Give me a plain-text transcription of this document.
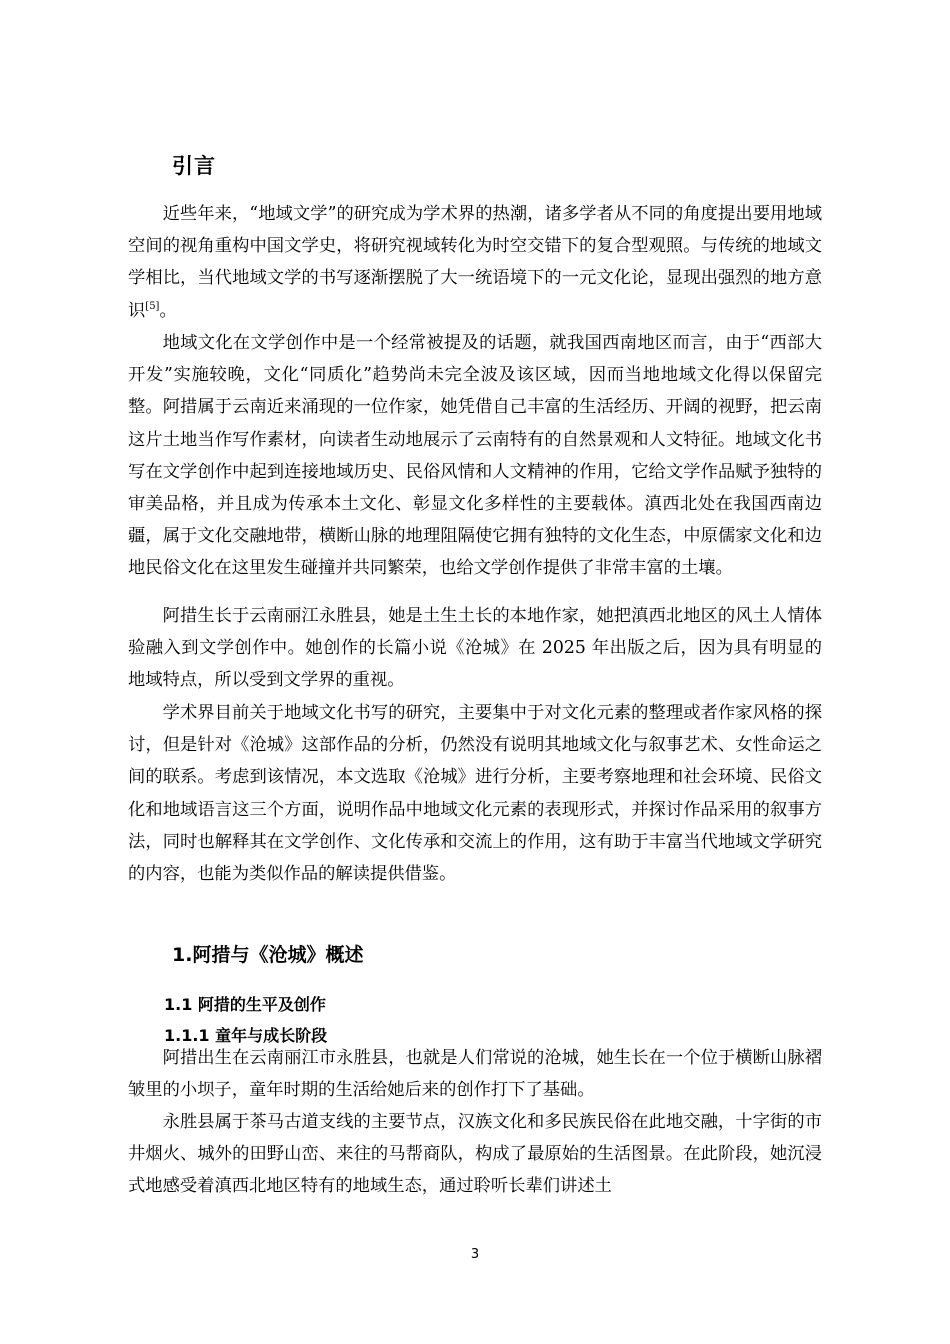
引言

近些年来，“地域文学”的研究成为学术界的热潮，诸多学者从不同的角度提出要用地域空间的视角重构中国文学史，将研究视域转化为时空交错下的复合型观照。与传统的地域文学相比，当代地域文学的书写逐渐摆脱了大一统语境下的一元文化论，显现出强烈的地方意识[5]。

地域文化在文学创作中是一个经常被提及的话题，就我国西南地区而言，由于“西部大开发”实施较晚，文化“同质化”趋势尚未完全波及该区域，因而当地地域文化得以保留完整。阿措属于云南近来涌现的一位作家，她凭借自己丰富的生活经历、开阔的视野，把云南这片土地当作写作素材，向读者生动地展示了云南特有的自然景观和人文特征。地域文化书写在文学创作中起到连接地域历史、民俗风情和人文精神的作用，它给文学作品赋予独特的审美品格，并且成为传承本土文化、彰显文化多样性的主要载体。滇西北处在我国西南边疆，属于文化交融地带，横断山脉的地理阻隔使它拥有独特的文化生态，中原儒家文化和边地民俗文化在这里发生碰撞并共同繁荣，也给文学创作提供了非常丰富的土壤。

阿措生长于云南丽江永胜县，她是土生土长的本地作家，她把滇西北地区的风土人情体验融入到文学创作中。她创作的长篇小说《沧城》在 2025 年出版之后，因为具有明显的地域特点，所以受到文学界的重视。

学术界目前关于地域文化书写的研究，主要集中于对文化元素的整理或者作家风格的探讨，但是针对《沧城》这部作品的分析，仍然没有说明其地域文化与叙事艺术、女性命运之间的联系。考虑到该情况，本文选取《沧城》进行分析，主要考察地理和社会环境、民俗文化和地域语言这三个方面，说明作品中地域文化元素的表现形式，并探讨作品采用的叙事方法，同时也解释其在文学创作、文化传承和交流上的作用，这有助于丰富当代地域文学研究的内容，也能为类似作品的解读提供借鉴。

1.阿措与《沧城》概述
1.1 阿措的生平及创作
1.1.1 童年与成长阶段

阿措出生在云南丽江市永胜县，也就是人们常说的沧城，她生长在一个位于横断山脉褶皱里的小坝子，童年时期的生活给她后来的创作打下了基础。

永胜县属于茶马古道支线的主要节点，汉族文化和多民族民俗在此地交融，十字街的市井烟火、城外的田野山峦、来往的马帮商队，构成了最原始的生活图景。在此阶段，她沉浸式地感受着滇西北地区特有的地域生态，通过聆听长辈们讲述土

3
